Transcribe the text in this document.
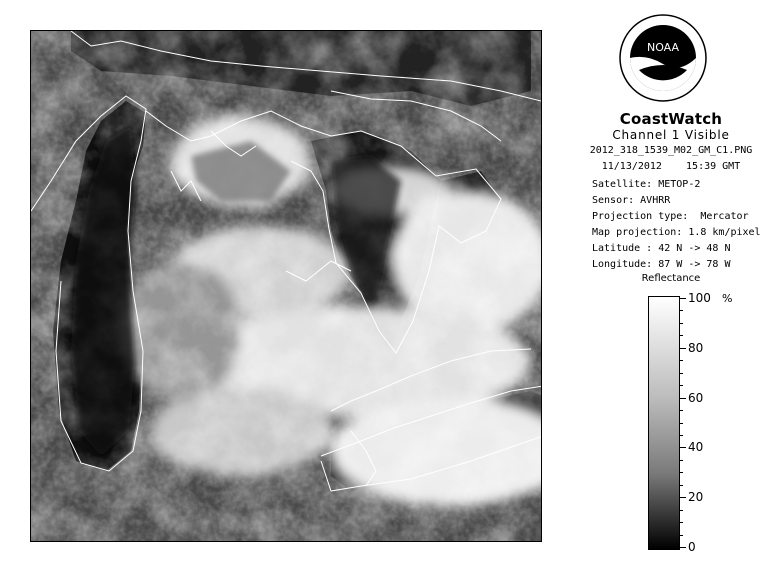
NOAA
CoastWatch
Channel 1 Visible
2012_318_1539_M02_GM_C1.PNG
11/13/2012    15:39 GMT
Satellite: METOP-2
Sensor: AVHRR
Projection type:  Mercator
Map projection: 1.8 km/pixel
Latitude : 42 N -> 48 N
Longitude: 87 W -> 78 W
Reflectance
%
100
80
60
40
20
0
